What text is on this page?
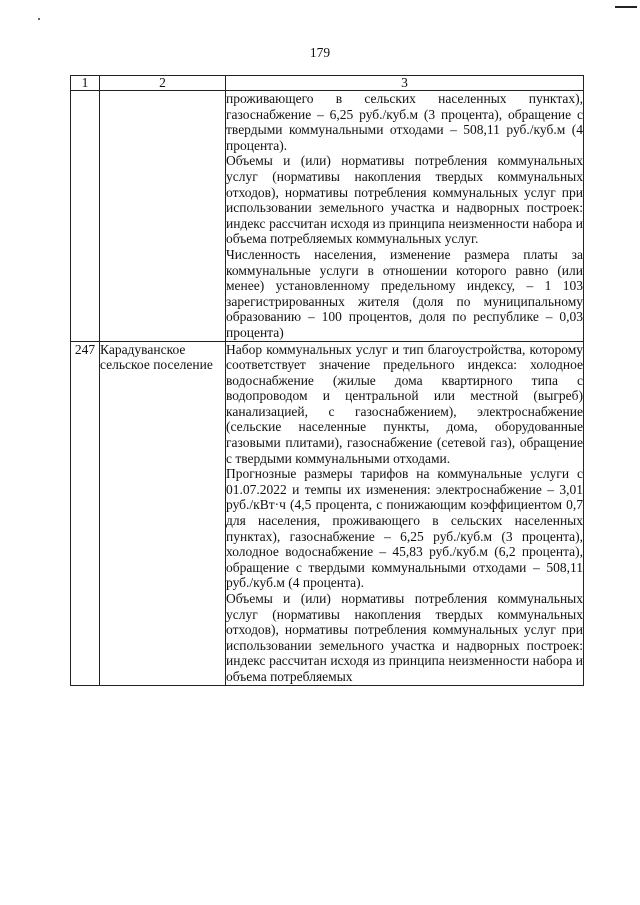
179
1	2	3

		проживающего в сельских населенных пунктах), газоснабжение – 6,25 руб./куб.м (3 процента), обращение с твердыми коммунальными отходами – 508,11 руб./куб.м (4 процента).

Объемы и (или) нормативы потребления коммунальных услуг (нормативы накопления твердых коммунальных отходов), нормативы потребления коммунальных услуг при использовании земельного участка и надворных построек: индекс рассчитан исходя из принципа неизменности набора и объема потребляемых коммунальных услуг.

Численность населения, изменение размера платы за коммунальные услуги в отношении которого равно (или менее) установленному предельному индексу, – 1 103 зарегистрированных жителя (доля по муниципальному образованию – 100 процентов, доля по республике – 0,03 процента)

247	Карадуванское сельское поселение	Набор коммунальных услуг и тип благоустройства, которому соответствует значение предельного индекса: холодное водоснабжение (жилые дома квартирного типа с водопроводом и центральной или местной (выгреб) канализацией, с газоснабжением), электроснабжение (сельские населенные пункты, дома, оборудованные газовыми плитами), газоснабжение (сетевой газ), обращение с твердыми коммунальными отходами.

Прогнозные размеры тарифов на коммунальные услуги с 01.07.2022 и темпы их изменения: электроснабжение – 3,01 руб./кВт·ч (4,5 процента, с понижающим коэффициентом 0,7 для населения, проживающего в сельских населенных пунктах), газоснабжение – 6,25 руб./куб.м (3 процента), холодное водоснабжение – 45,83 руб./куб.м (6,2 процента), обращение с твердыми коммунальными отходами – 508,11 руб./куб.м (4 процента).

Объемы и (или) нормативы потребления коммунальных услуг (нормативы накопления твердых коммунальных отходов), нормативы потребления коммунальных услуг при использовании земельного участка и надворных построек: индекс рассчитан исходя из принципа неизменности набора и объема потребляемых
